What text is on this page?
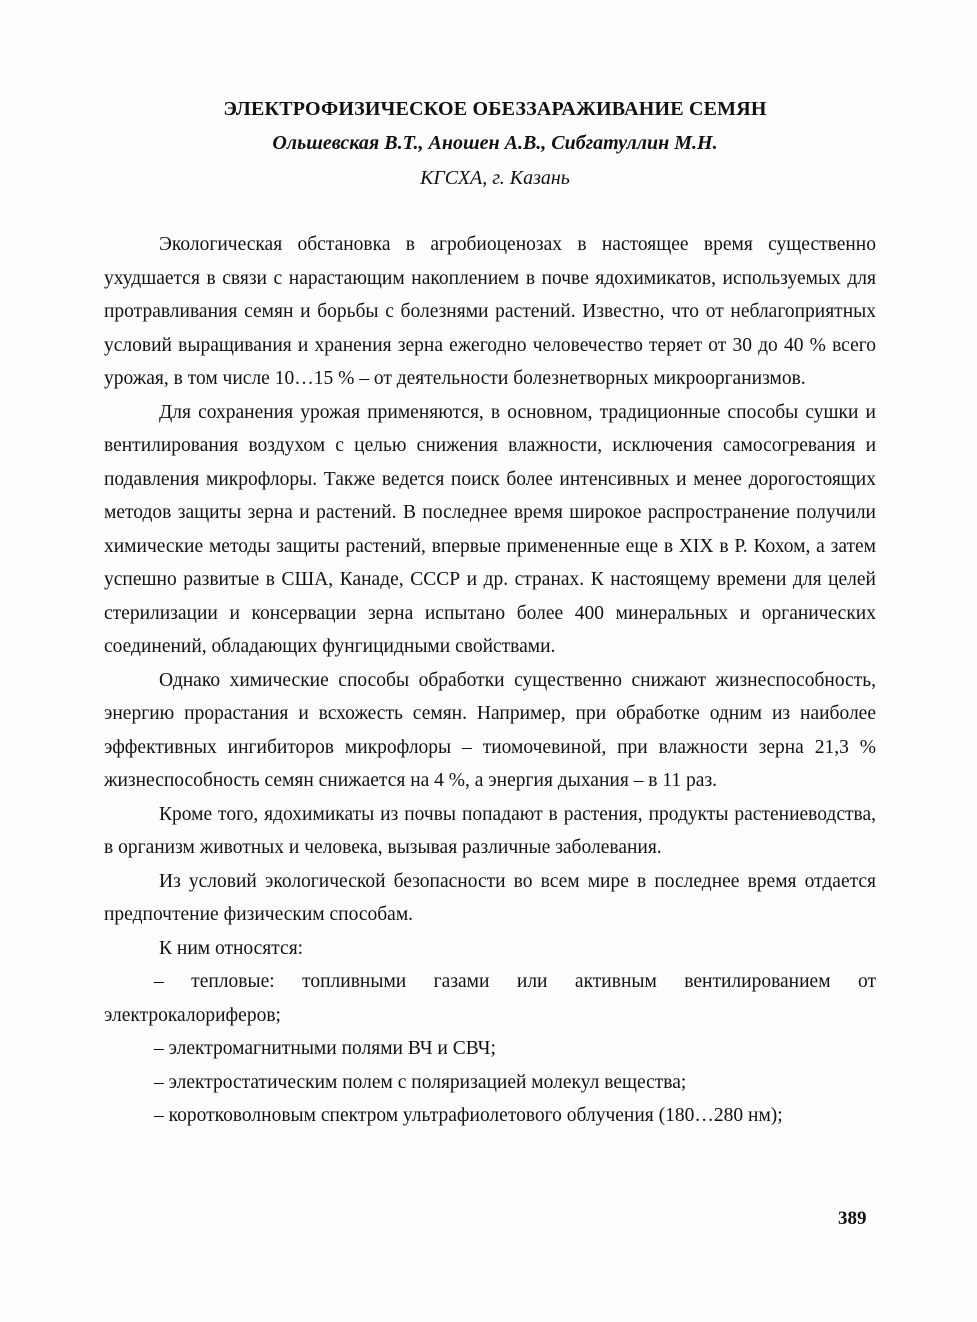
ЭЛЕКТРОФИЗИЧЕСКОЕ ОБЕЗЗАРАЖИВАНИЕ СЕМЯН
Ольшевская В.Т., Аношен А.В., Сибгатуллин М.Н.
КГСХА, г. Казань

Экологическая обстановка в агробиоценозах в настоящее время существенно ухудшается в связи с нарастающим накоплением в почве ядохимикатов, используемых для протравливания семян и борьбы с болезнями растений. Известно, что от неблагоприятных условий выращивания и хранения зерна ежегодно человечество теряет от 30 до 40 % всего урожая, в том числе 10…15 % – от деятельности болезнетворных микроорганизмов.

Для сохранения урожая применяются, в основном, традиционные способы сушки и вентилирования воздухом с целью снижения влажности, исключения самосогревания и подавления микрофлоры. Также ведется поиск более интенсивных и менее дорогостоящих методов защиты зерна и растений. В последнее время широкое распространение получили химические методы защиты растений, впервые примененные еще в XIX в Р. Кохом, а затем успешно развитые в США, Канаде, СССР и др. странах. К настоящему времени для целей стерилизации и консервации зерна испытано более 400 минеральных и органических соединений, обладающих фунгицидными свойствами.

Однако химические способы обработки существенно снижают жизнеспособность, энергию прорастания и всхожесть семян. Например, при обработке одним из наиболее эффективных ингибиторов микрофлоры – тиомочевиной, при влажности зерна 21,3 % жизнеспособность семян снижается на 4 %, а энергия дыхания – в 11 раз.

Кроме того, ядохимикаты из почвы попадают в растения, продукты растениеводства, в организм животных и человека, вызывая различные заболевания.

Из условий экологической безопасности во всем мире в последнее время отдается предпочтение физическим способам.

К ним относятся:

– тепловые: топливными газами или активным вентилированием от электрокалориферов;

– электромагнитными полями ВЧ и СВЧ;

– электростатическим полем с поляризацией молекул вещества;

– коротковолновым спектром ультрафиолетового облучения (180…280 нм);

389
